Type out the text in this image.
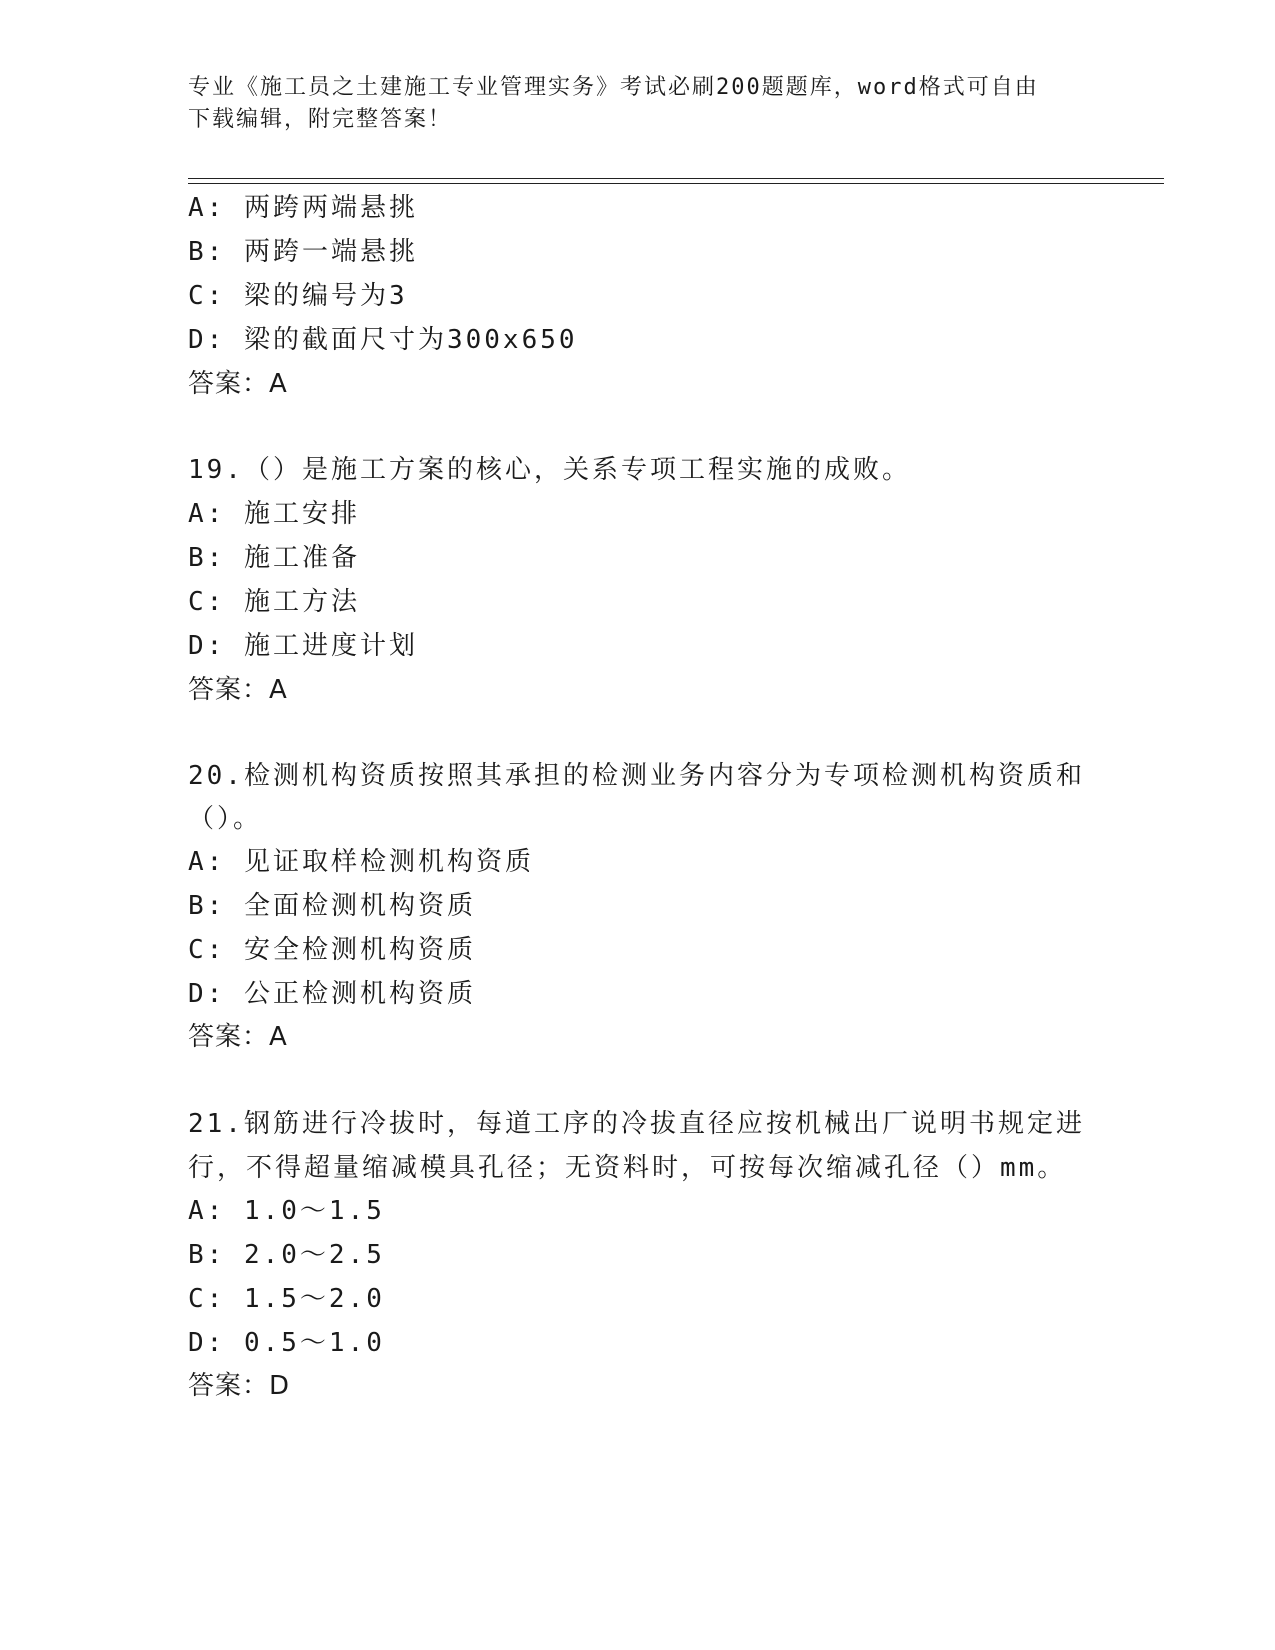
专业《施工员之土建施工专业管理实务》考试必刷200题题库，word格式可自由
下载编辑，附完整答案！
A: 两跨两端悬挑
B: 两跨一端悬挑
C: 梁的编号为3
D: 梁的截面尺寸为300x650
答案：A
19.（）是施工方案的核心，关系专项工程实施的成败。
A: 施工安排
B: 施工准备
C: 施工方法
D: 施工进度计划
答案：A
20.检测机构资质按照其承担的检测业务内容分为专项检测机构资质和
（）。
A: 见证取样检测机构资质
B: 全面检测机构资质
C: 安全检测机构资质
D: 公正检测机构资质
答案：A
21.钢筋进行冷拔时，每道工序的冷拔直径应按机械出厂说明书规定进
行，不得超量缩减模具孔径；无资料时，可按每次缩减孔径（）mm。
A: 1.0～1.5
B: 2.0～2.5
C: 1.5～2.0
D: 0.5～1.0
答案：D
